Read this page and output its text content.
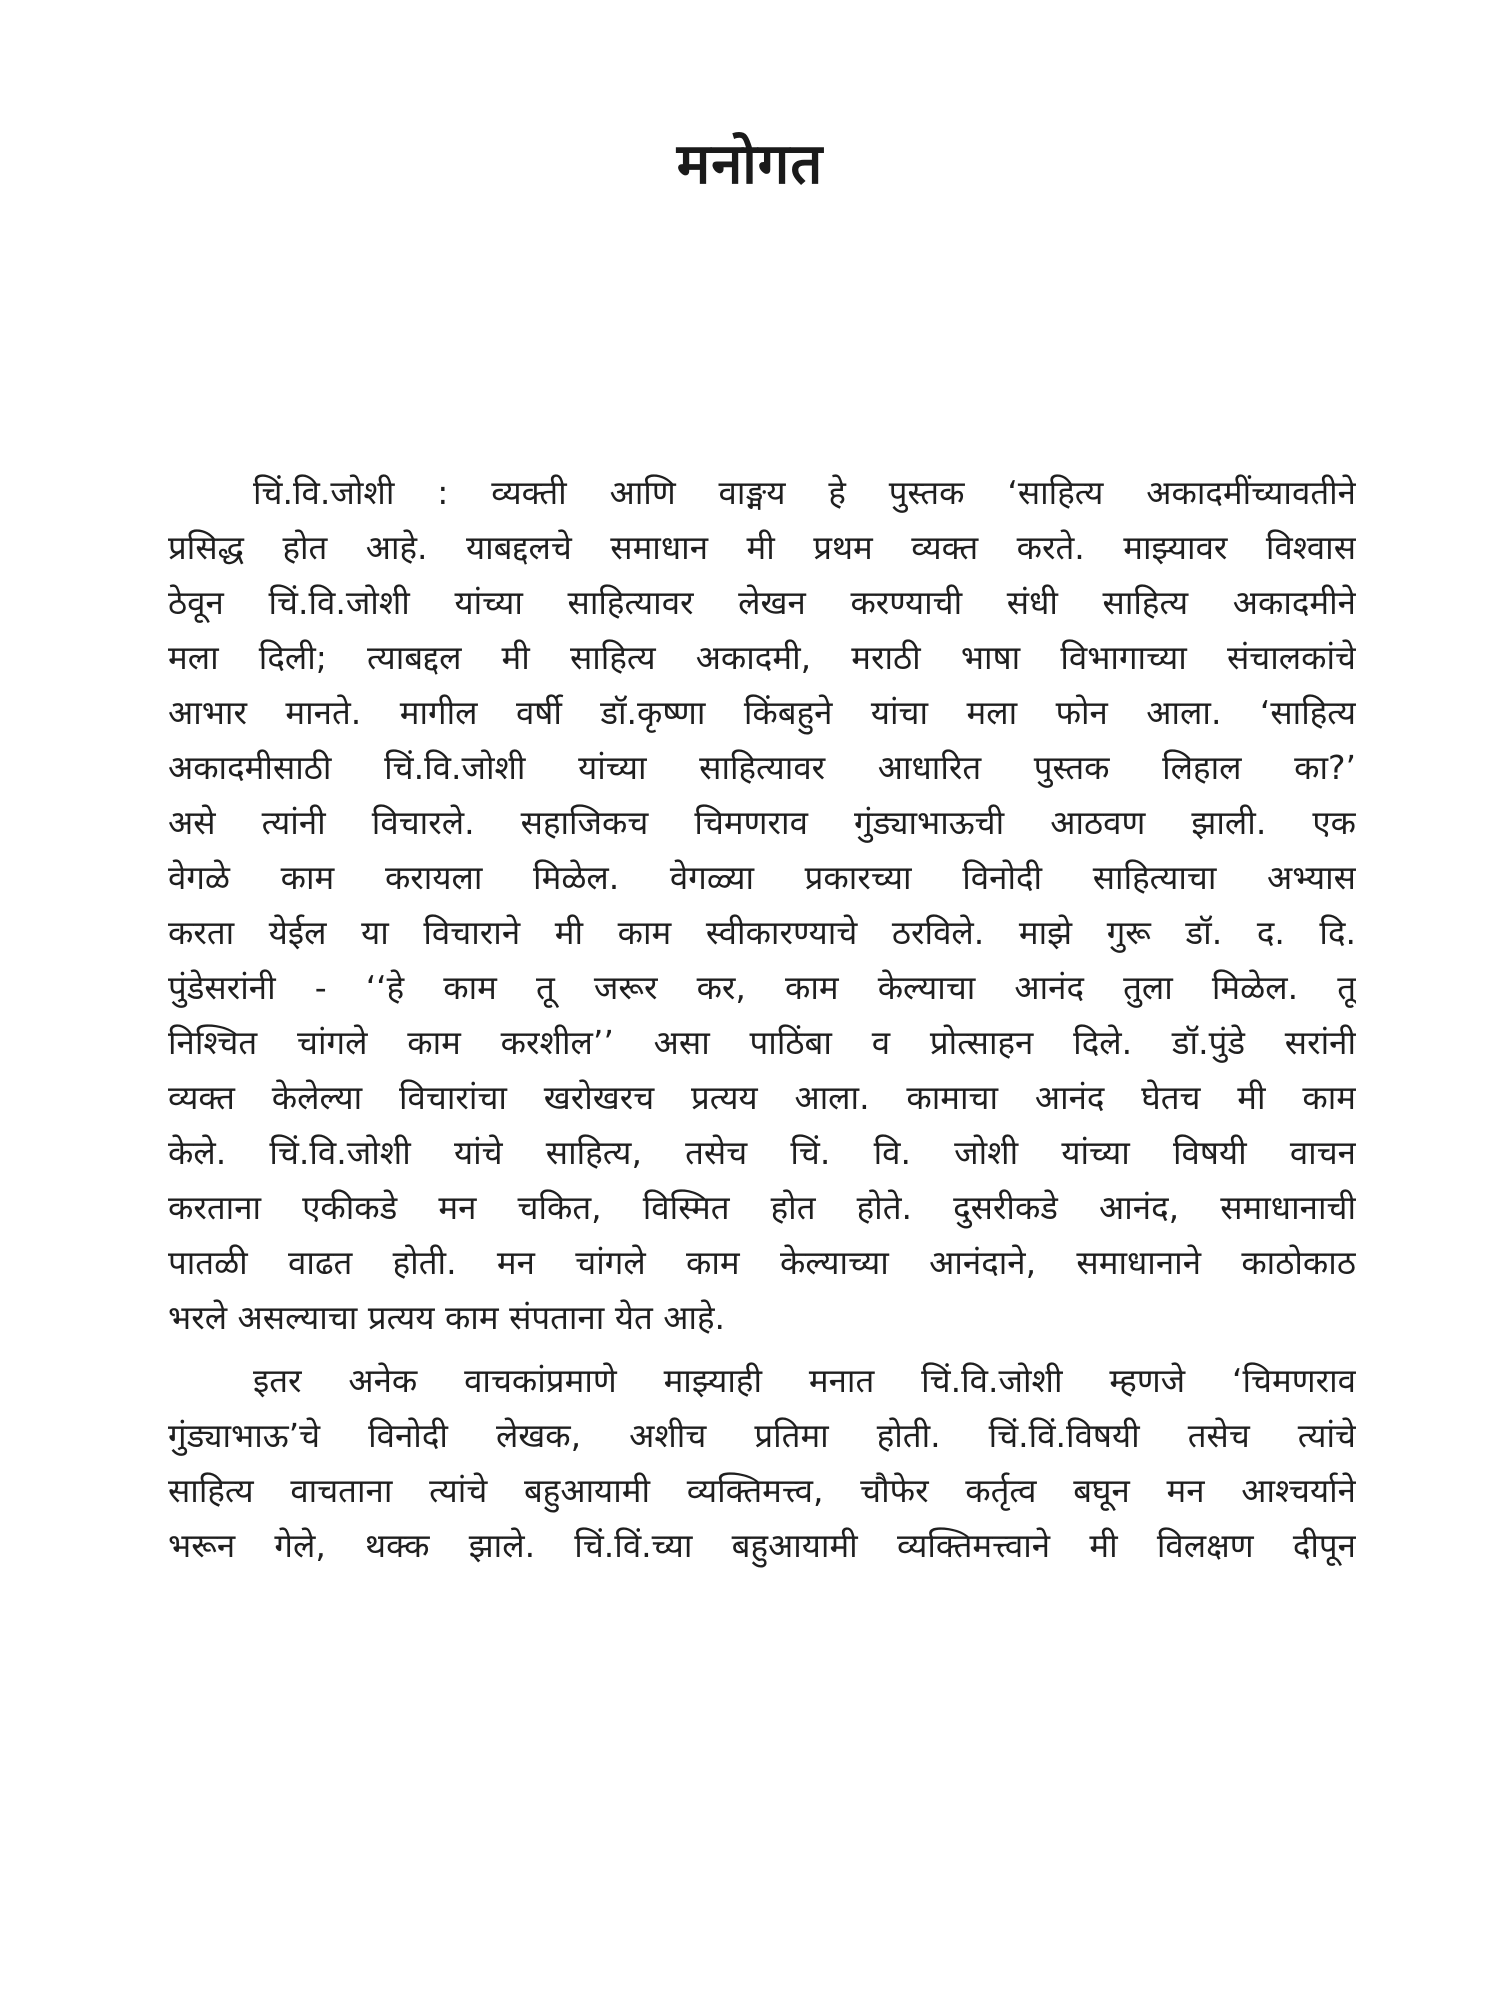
मनोगत

चिं.वि.जोशी : व्यक्ती आणि वाङ्मय हे पुस्तक ‘साहित्य अकादमींच्यावतीने
प्रसिद्ध होत आहे. याबद्दलचे समाधान मी प्रथम व्यक्त करते. माझ्यावर विश्वास
ठेवून चिं.वि.जोशी यांच्या साहित्यावर लेखन करण्याची संधी साहित्य अकादमीने
मला दिली; त्याबद्दल मी साहित्य अकादमी, मराठी भाषा विभागाच्या संचालकांचे
आभार मानते. मागील वर्षी डॉ.कृष्णा किंबहुने यांचा मला फोन आला. ‘साहित्य
अकादमीसाठी चिं.वि.जोशी यांच्या साहित्यावर आधारित पुस्तक लिहाल का?’
असे त्यांनी विचारले. सहाजिकच चिमणराव गुंड्याभाऊची आठवण झाली. एक
वेगळे काम करायला मिळेल. वेगळ्या प्रकारच्या विनोदी साहित्याचा अभ्यास
करता येईल या विचाराने मी काम स्वीकारण्याचे ठरविले. माझे गुरू डॉ. द. दि.
पुंडेसरांनी - ‘‘हे काम तू जरूर कर, काम केल्याचा आनंद तुला मिळेल. तू
निश्चित चांगले काम करशील’’ असा पाठिंबा व प्रोत्साहन दिले. डॉ.पुंडे सरांनी
व्यक्त केलेल्या विचारांचा खरोखरच प्रत्यय आला. कामाचा आनंद घेतच मी काम
केले. चिं.वि.जोशी यांचे साहित्य, तसेच चिं. वि. जोशी यांच्या विषयी वाचन
करताना एकीकडे मन चकित, विस्मित होत होते. दुसरीकडे आनंद, समाधानाची
पातळी वाढत होती. मन चांगले काम केल्याच्या आनंदाने, समाधानाने काठोकाठ
भरले असल्याचा प्रत्यय काम संपताना येत आहे.

इतर अनेक वाचकांप्रमाणे माझ्याही मनात चिं.वि.जोशी म्हणजे ‘चिमणराव
गुंड्याभाऊ’चे विनोदी लेखक, अशीच प्रतिमा होती. चिं.विं.विषयी तसेच त्यांचे
साहित्य वाचताना त्यांचे बहुआयामी व्यक्तिमत्त्व, चौफेर कर्तृत्व बघून मन आश्चर्याने
भरून गेले, थक्क झाले. चिं.विं.च्या बहुआयामी व्यक्तिमत्त्वाने मी विलक्षण दीपून
